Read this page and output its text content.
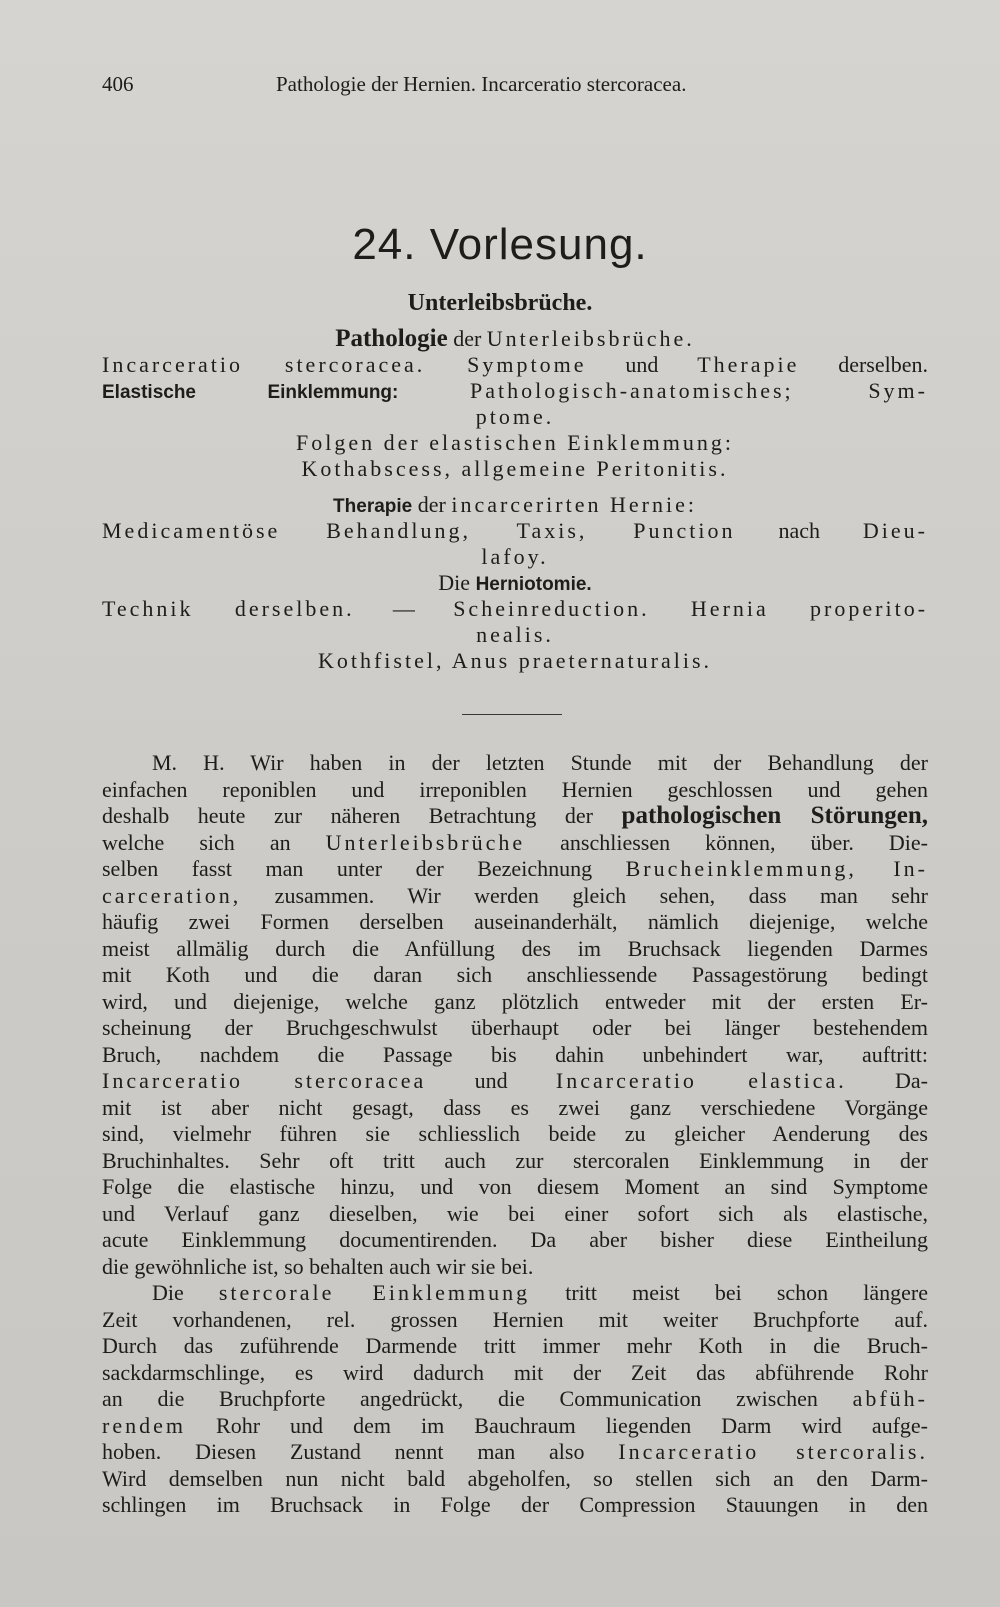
406	Pathologie der Hernien. Incarceratio stercoracea.
24. Vorlesung.
Unterleibsbrüche.
Pathologie der Unterleibsbrüche.
Incarceratio stercoracea. Symptome und Therapie derselben.
Elastische Einklemmung:	Pathologisch-anatomisches; Sym-
ptome.
Folgen der elastischen Einklemmung:
Kothabscess, allgemeine Peritonitis.
Therapie der incarcerirten Hernie:
Medicamentöse Behandlung, Taxis, Punction nach Dieu-
lafoy.
Die Herniotomie.
Technik derselben. — Scheinreduction. Hernia properito-
nealis.
Kothfistel, Anus praeternaturalis.
M. H. Wir haben in der letzten Stunde mit der Behandlung der
einfachen reponiblen und irreponiblen Hernien geschlossen und gehen
deshalb heute zur näheren Betrachtung der pathologischen Störungen,
welche sich an Unterleibsbrüche anschliessen können, über. Die-
selben fasst man unter der Bezeichnung Brucheinklemmung, In-
carceration, zusammen. Wir werden gleich sehen, dass man sehr
häufig zwei Formen derselben auseinanderhält, nämlich diejenige, welche
meist allmälig durch die Anfüllung des im Bruchsack liegenden Darmes
mit Koth und die daran sich anschliessende Passagestörung bedingt
wird, und diejenige, welche ganz plötzlich entweder mit der ersten Er-
scheinung der Bruchgeschwulst überhaupt oder bei länger bestehendem
Bruch, nachdem die Passage bis dahin unbehindert war, auftritt:
Incarceratio stercoracea und Incarceratio elastica. Da-
mit ist aber nicht gesagt, dass es zwei ganz verschiedene Vorgänge
sind, vielmehr führen sie schliesslich beide zu gleicher Aenderung des
Bruchinhaltes. Sehr oft tritt auch zur stercoralen Einklemmung in der
Folge die elastische hinzu, und von diesem Moment an sind Symptome
und Verlauf ganz dieselben, wie bei einer sofort sich als elastische,
acute Einklemmung documentirenden. Da aber bisher diese Eintheilung
die gewöhnliche ist, so behalten auch wir sie bei.
Die stercorale Einklemmung tritt meist bei schon längere
Zeit vorhandenen, rel. grossen Hernien mit weiter Bruchpforte auf.
Durch das zuführende Darmende tritt immer mehr Koth in die Bruch-
sackdarmschlinge, es wird dadurch mit der Zeit das abführende Rohr
an die Bruchpforte angedrückt, die Communication zwischen abfüh-
rendem Rohr und dem im Bauchraum liegenden Darm wird aufge-
hoben. Diesen Zustand nennt man also Incarceratio stercoralis.
Wird demselben nun nicht bald abgeholfen, so stellen sich an den Darm-
schlingen im Bruchsack in Folge der Compression Stauungen in den
